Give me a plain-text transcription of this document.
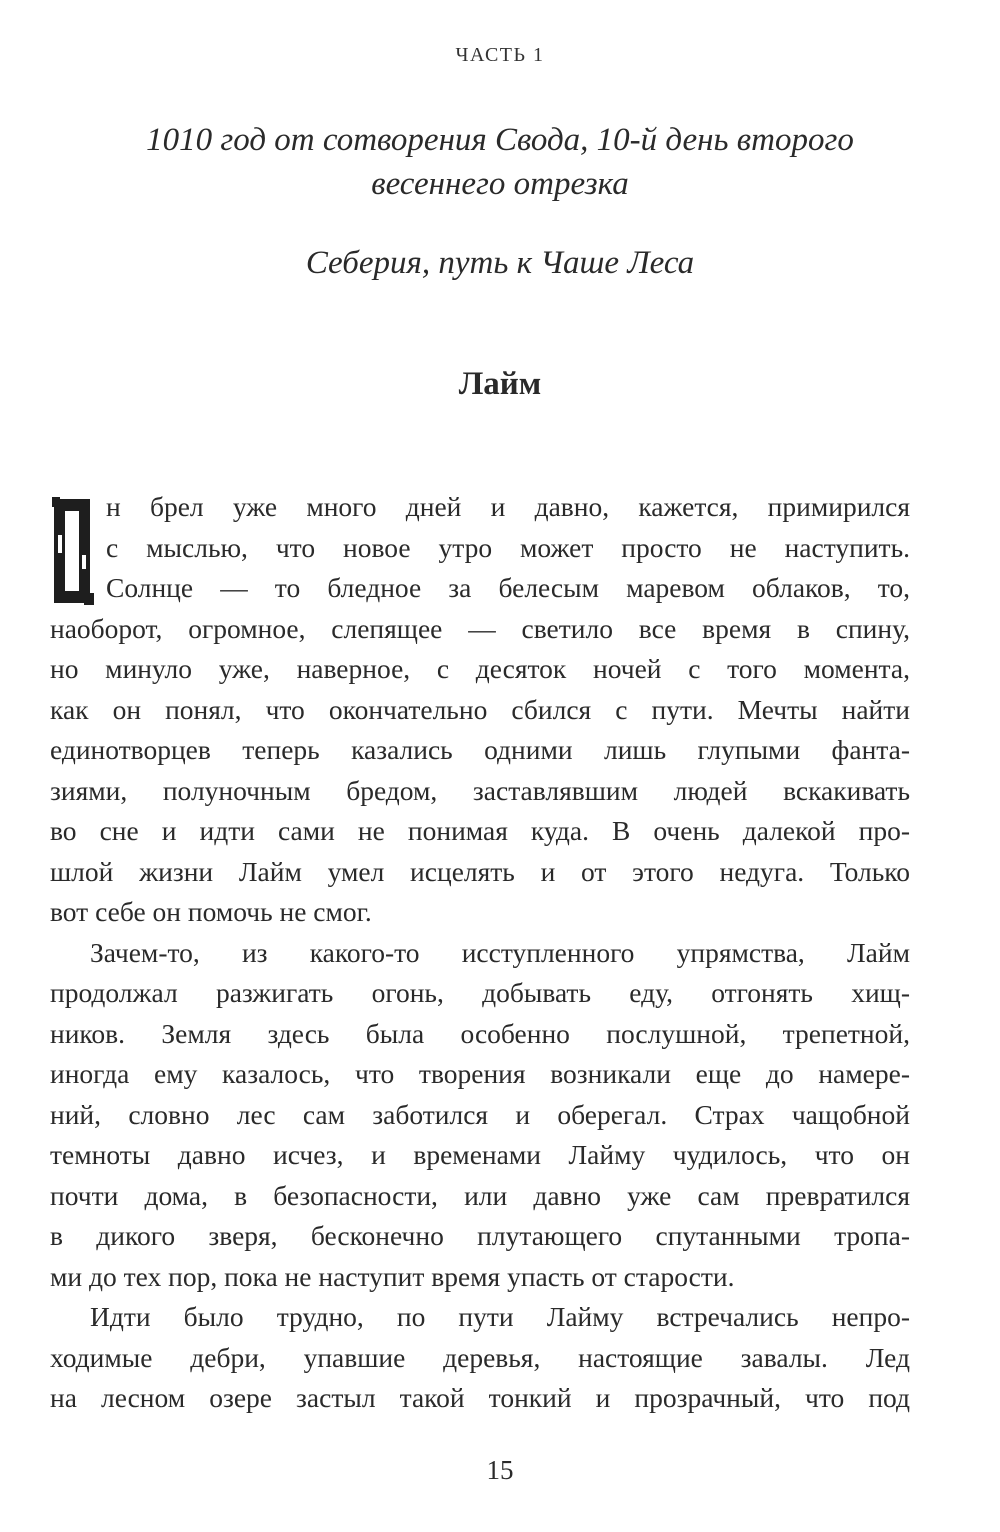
ЧАСТЬ 1
1010 год от сотворения Свода, 10-й день второго
весеннего отрезка
Себерия, путь к Чаше Леса
Лайм
н брел уже много дней и давно, кажется, примирился
с мыслью, что новое утро может просто не наступить.
Солнце — то бледное за белесым маревом облаков, то,
наоборот, огромное, слепящее — светило все время в спину,
но минуло уже, наверное, с десяток ночей с того момента,
как он понял, что окончательно сбился с пути. Мечты найти
единотворцев теперь казались одними лишь глупыми фанта-
зиями, полуночным бредом, заставлявшим людей вскакивать
во сне и идти сами не понимая куда. В очень далекой про-
шлой жизни Лайм умел исцелять и от этого недуга. Только
вот себе он помочь не смог.
Зачем-то, из какого-то исступленного упрямства, Лайм
продолжал разжигать огонь, добывать еду, отгонять хищ-
ников. Земля здесь была особенно послушной, трепетной,
иногда ему казалось, что творения возникали еще до намере-
ний, словно лес сам заботился и оберегал. Страх чащобной
темноты давно исчез, и временами Лайму чудилось, что он
почти дома, в безопасности, или давно уже сам превратился
в дикого зверя, бесконечно плутающего спутанными тропа-
ми до тех пор, пока не наступит время упасть от старости.
Идти было трудно, по пути Лайму встречались непро-
ходимые дебри, упавшие деревья, настоящие завалы. Лед
на лесном озере застыл такой тонкий и прозрачный, что под
15
